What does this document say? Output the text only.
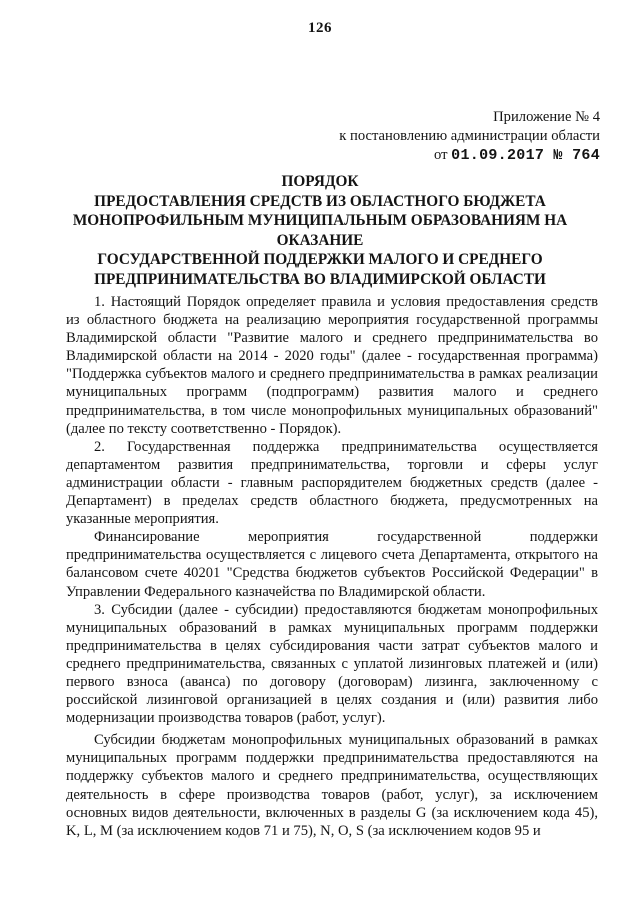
126
Приложение № 4
к постановлению администрации области
от 01.09.2017 № 764
ПОРЯДОК
ПРЕДОСТАВЛЕНИЯ СРЕДСТВ ИЗ ОБЛАСТНОГО БЮДЖЕТА
МОНОПРОФИЛЬНЫМ МУНИЦИПАЛЬНЫМ ОБРАЗОВАНИЯМ НА
ОКАЗАНИЕ
ГОСУДАРСТВЕННОЙ ПОДДЕРЖКИ МАЛОГО И СРЕДНЕГО
ПРЕДПРИНИМАТЕЛЬСТВА ВО ВЛАДИМИРСКОЙ ОБЛАСТИ

1. Настоящий Порядок определяет правила и условия предоставления средств из областного бюджета на реализацию мероприятия государственной программы Владимирской области "Развитие малого и среднего предпринимательства во Владимирской области на 2014 - 2020 годы" (далее - государственная программа) "Поддержка субъектов малого и среднего предпринимательства в рамках реализации муниципальных программ (подпрограмм) развития малого и среднего предпринимательства, в том числе монопрофильных муниципальных образований" (далее по тексту соответственно - Порядок).

2. Государственная поддержка предпринимательства осуществляется департаментом развития предпринимательства, торговли и сферы услуг администрации области - главным распорядителем бюджетных средств (далее - Департамент) в пределах средств областного бюджета, предусмотренных на указанные мероприятия.

Финансирование мероприятия государственной поддержки предпринимательства осуществляется с лицевого счета Департамента, открытого на балансовом счете 40201 "Средства бюджетов субъектов Российской Федерации" в Управлении Федерального казначейства по Владимирской области.

3. Субсидии (далее - субсидии) предоставляются бюджетам монопрофильных муниципальных образований в рамках муниципальных программ поддержки предпринимательства в целях субсидирования части затрат субъектов малого и среднего предпринимательства, связанных с уплатой лизинговых платежей и (или) первого взноса (аванса) по договору (договорам) лизинга, заключенному с российской лизинговой организацией в целях создания и (или) развития либо модернизации производства товаров (работ, услуг).

Субсидии бюджетам монопрофильных муниципальных образований в рамках муниципальных программ поддержки предпринимательства предоставляются на поддержку субъектов малого и среднего предпринимательства, осуществляющих деятельность в сфере производства товаров (работ, услуг), за исключением основных видов деятельности, включенных в разделы G (за исключением кода 45), K, L, M (за исключением кодов 71 и 75), N, O, S (за исключением кодов 95 и
